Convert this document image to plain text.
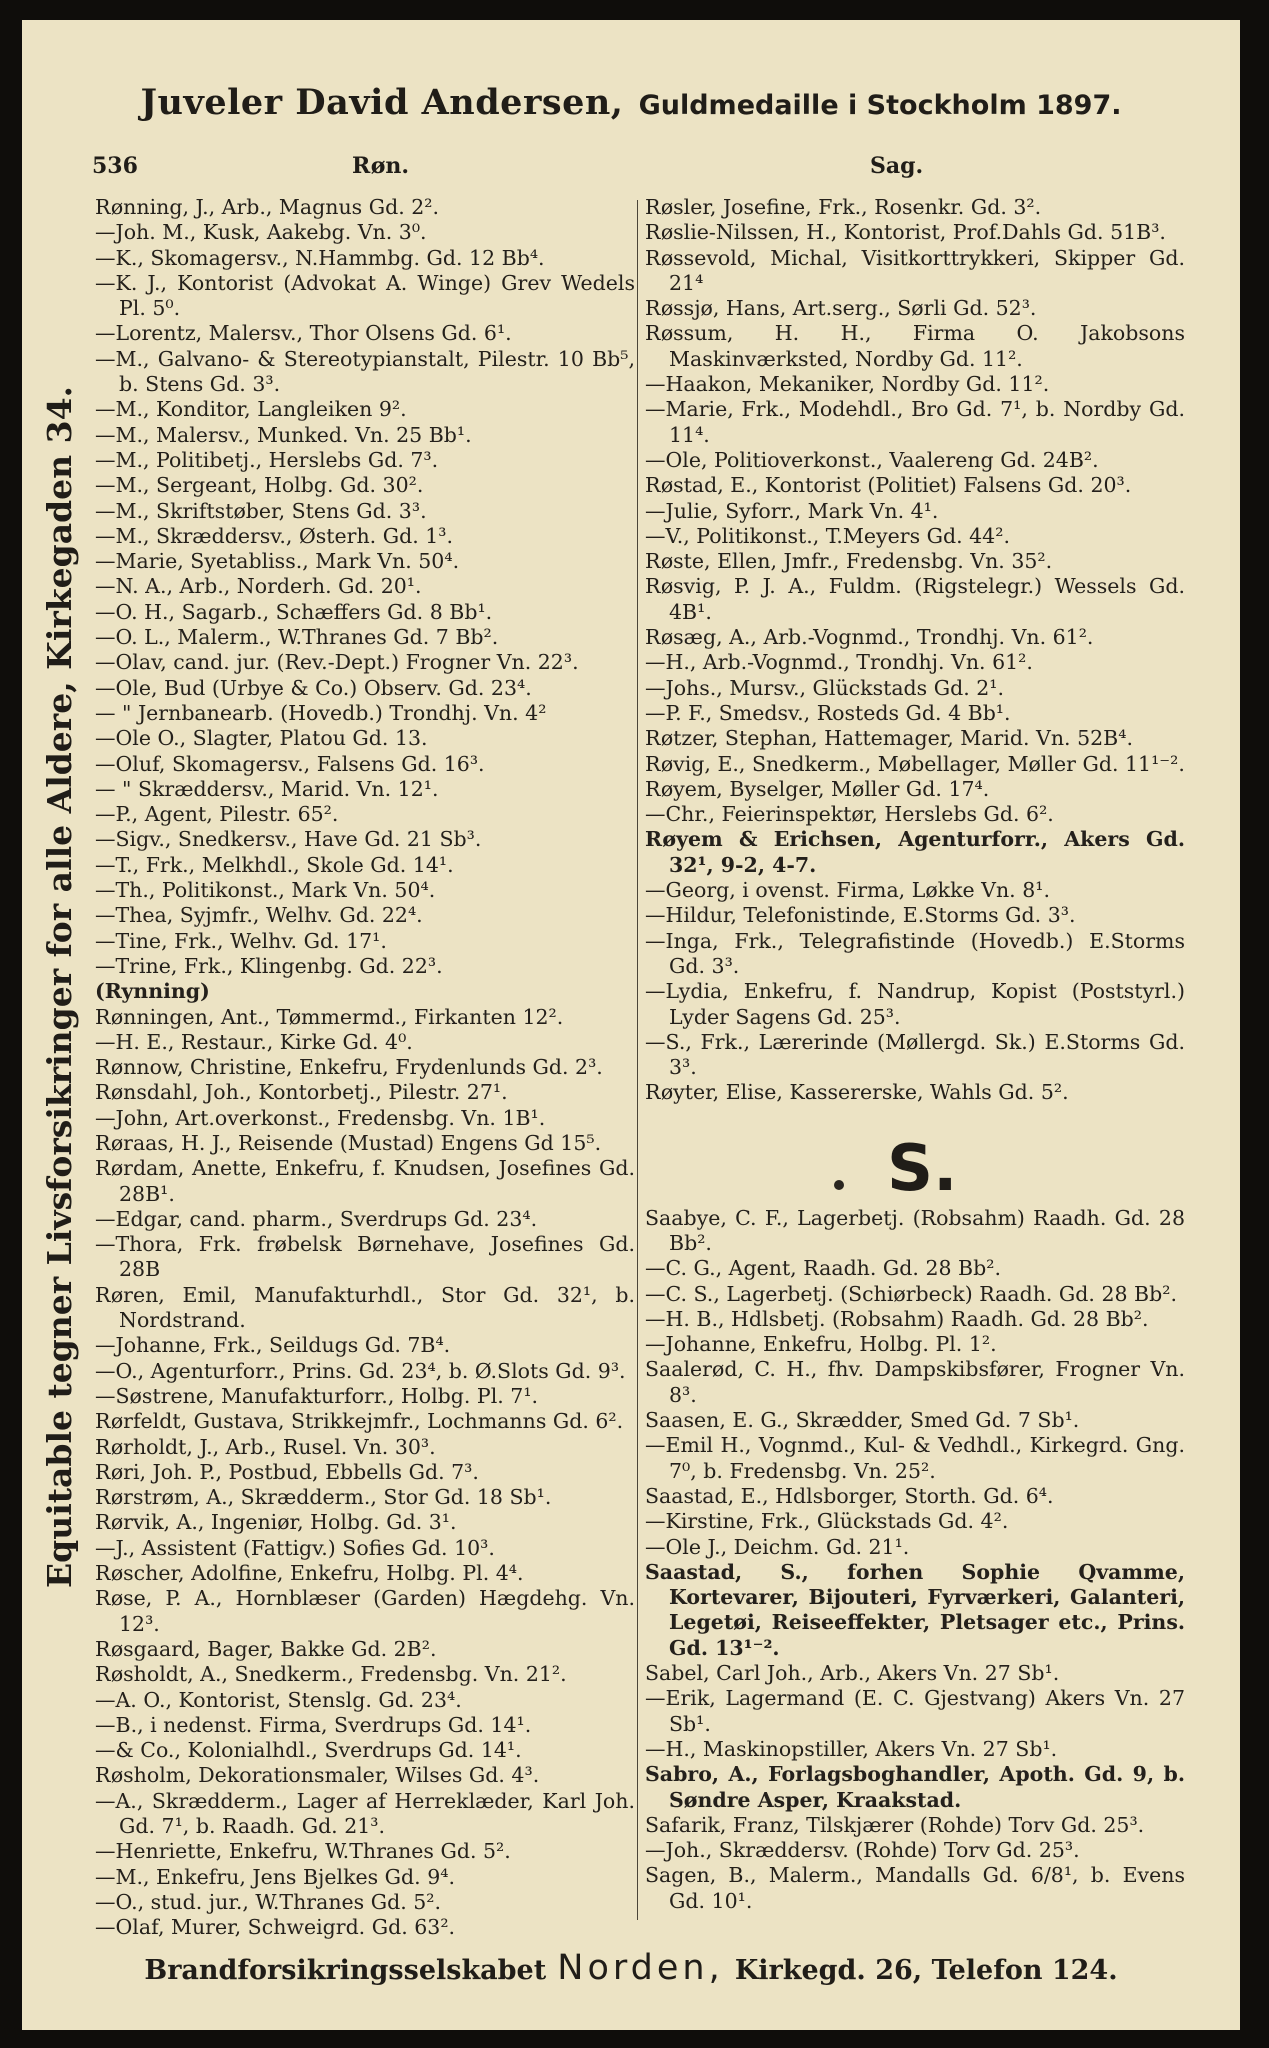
Juveler David Andersen, Guldmedaille i Stockholm 1897.
536	Røn.	Sag.
Equitable tegner Livsforsikringer for alle Aldere, Kirkegaden 34.
Rønning, J., Arb., Magnus Gd. 2².
—Joh. M., Kusk, Aakebg. Vn. 3⁰.
—K., Skomagersv., N.Hammbg. Gd. 12 Bb⁴.
—K. J., Kontorist (Advokat A. Winge) Grev Wedels Pl. 5⁰.
—Lorentz, Malersv., Thor Olsens Gd. 6¹.
—M., Galvano- & Stereotypianstalt, Pilestr. 10 Bb⁵, b. Stens Gd. 3³.
—M., Konditor, Langleiken 9².
—M., Malersv., Munked. Vn. 25 Bb¹.
—M., Politibetj., Herslebs Gd. 7³.
—M., Sergeant, Holbg. Gd. 30².
—M., Skriftstøber, Stens Gd. 3³.
—M., Skræddersv., Østerh. Gd. 1³.
—Marie, Syetabliss., Mark Vn. 50⁴.
—N. A., Arb., Norderh. Gd. 20¹.
—O. H., Sagarb., Schæffers Gd. 8 Bb¹.
—O. L., Malerm., W.Thranes Gd. 7 Bb².
—Olav, cand. jur. (Rev.-Dept.) Frogner Vn. 22³.
—Ole, Bud (Urbye & Co.) Observ. Gd. 23⁴.
— " Jernbanearb. (Hovedb.) Trondhj. Vn. 4²
—Ole O., Slagter, Platou Gd. 13.
—Oluf, Skomagersv., Falsens Gd. 16³.
— " Skræddersv., Marid. Vn. 12¹.
—P., Agent, Pilestr. 65².
—Sigv., Snedkersv., Have Gd. 21 Sb³.
—T., Frk., Melkhdl., Skole Gd. 14¹.
—Th., Politikonst., Mark Vn. 50⁴.
—Thea, Syjmfr., Welhv. Gd. 22⁴.
—Tine, Frk., Welhv. Gd. 17¹.
—Trine, Frk., Klingenbg. Gd. 22³.
(Rynning)
Rønningen, Ant., Tømmermd., Firkanten 12².
—H. E., Restaur., Kirke Gd. 4⁰.
Rønnow, Christine, Enkefru, Frydenlunds Gd. 2³.
Rønsdahl, Joh., Kontorbetj., Pilestr. 27¹.
—John, Art.overkonst., Fredensbg. Vn. 1B¹.
Røraas, H. J., Reisende (Mustad) Engens Gd 15⁵.
Rørdam, Anette, Enkefru, f. Knudsen, Josefines Gd. 28B¹.
—Edgar, cand. pharm., Sverdrups Gd. 23⁴.
—Thora, Frk. frøbelsk Børnehave, Josefines Gd. 28B
Røren, Emil, Manufakturhdl., Stor Gd. 32¹, b. Nordstrand.
—Johanne, Frk., Seildugs Gd. 7B⁴.
—O., Agenturforr., Prins. Gd. 23⁴, b. Ø.Slots Gd. 9³.
—Søstrene, Manufakturforr., Holbg. Pl. 7¹.
Rørfeldt, Gustava, Strikkejmfr., Lochmanns Gd. 6².
Rørholdt, J., Arb., Rusel. Vn. 30³.
Røri, Joh. P., Postbud, Ebbells Gd. 7³.
Rørstrøm, A., Skrædderm., Stor Gd. 18 Sb¹.
Rørvik, A., Ingeniør, Holbg. Gd. 3¹.
—J., Assistent (Fattigv.) Sofies Gd. 10³.
Røscher, Adolfine, Enkefru, Holbg. Pl. 4⁴.
Røse, P. A., Hornblæser (Garden) Hægdehg. Vn. 12³.
Røsgaard, Bager, Bakke Gd. 2B².
Røsholdt, A., Snedkerm., Fredensbg. Vn. 21².
—A. O., Kontorist, Stenslg. Gd. 23⁴.
—B., i nedenst. Firma, Sverdrups Gd. 14¹.
—& Co., Kolonialhdl., Sverdrups Gd. 14¹.
Røsholm, Dekorationsmaler, Wilses Gd. 4³.
—A., Skrædderm., Lager af Herreklæder, Karl Joh. Gd. 7¹, b. Raadh. Gd. 21³.
—Henriette, Enkefru, W.Thranes Gd. 5².
—M., Enkefru, Jens Bjelkes Gd. 9⁴.
—O., stud. jur., W.Thranes Gd. 5².
—Olaf, Murer, Schweigrd. Gd. 63².
Røsler, Josefine, Frk., Rosenkr. Gd. 3².
Røslie-Nilssen, H., Kontorist, Prof.Dahls Gd. 51B³.
Røssevold, Michal, Visitkorttrykkeri, Skipper Gd. 21⁴
Røssjø, Hans, Art.serg., Sørli Gd. 52³.
Røssum, H. H., Firma O. Jakobsons Maskinværksted, Nordby Gd. 11².
—Haakon, Mekaniker, Nordby Gd. 11².
—Marie, Frk., Modehdl., Bro Gd. 7¹, b. Nordby Gd. 11⁴.
—Ole, Politioverkonst., Vaalereng Gd. 24B².
Røstad, E., Kontorist (Politiet) Falsens Gd. 20³.
—Julie, Syforr., Mark Vn. 4¹.
—V., Politikonst., T.Meyers Gd. 44².
Røste, Ellen, Jmfr., Fredensbg. Vn. 35².
Røsvig, P. J. A., Fuldm. (Rigstelegr.) Wessels Gd. 4B¹.
Røsæg, A., Arb.-Vognmd., Trondhj. Vn. 61².
—H., Arb.-Vognmd., Trondhj. Vn. 61².
—Johs., Mursv., Glückstads Gd. 2¹.
—P. F., Smedsv., Rosteds Gd. 4 Bb¹.
Røtzer, Stephan, Hattemager, Marid. Vn. 52B⁴.
Røvig, E., Snedkerm., Møbellager, Møller Gd. 11¹⁻².
Røyem, Byselger, Møller Gd. 17⁴.
—Chr., Feierinspektør, Herslebs Gd. 6².
Røyem & Erichsen, Agenturforr., Akers Gd. 32¹, 9-2, 4-7.
—Georg, i ovenst. Firma, Løkke Vn. 8¹.
—Hildur, Telefonistinde, E.Storms Gd. 3³.
—Inga, Frk., Telegrafistinde (Hovedb.) E.Storms Gd. 3³.
—Lydia, Enkefru, f. Nandrup, Kopist (Poststyrl.) Lyder Sagens Gd. 25³.
—S., Frk., Lærerinde (Møllergd. Sk.) E.Storms Gd. 3³.
Røyter, Elise, Kassererske, Wahls Gd. 5².
Saabye, C. F., Lagerbetj. (Robsahm) Raadh. Gd. 28 Bb².
—C. G., Agent, Raadh. Gd. 28 Bb².
—C. S., Lagerbetj. (Schiørbeck) Raadh. Gd. 28 Bb².
—H. B., Hdlsbetj. (Robsahm) Raadh. Gd. 28 Bb².
—Johanne, Enkefru, Holbg. Pl. 1².
Saalerød, C. H., fhv. Dampskibsfører, Frogner Vn. 8³.
Saasen, E. G., Skrædder, Smed Gd. 7 Sb¹.
—Emil H., Vognmd., Kul- & Vedhdl., Kirkegrd. Gng. 7⁰, b. Fredensbg. Vn. 25².
Saastad, E., Hdlsborger, Storth. Gd. 6⁴.
—Kirstine, Frk., Glückstads Gd. 4².
—Ole J., Deichm. Gd. 21¹.
Saastad, S., forhen Sophie Qvamme, Kortevarer, Bijouteri, Fyrværkeri, Galanteri, Legetøi, Reiseeffekter, Pletsager etc., Prins. Gd. 13¹⁻².
Sabel, Carl Joh., Arb., Akers Vn. 27 Sb¹.
—Erik, Lagermand (E. C. Gjestvang) Akers Vn. 27 Sb¹.
—H., Maskinopstiller, Akers Vn. 27 Sb¹.
Sabro, A., Forlagsboghandler, Apoth. Gd. 9, b. Søndre Asper, Kraakstad.
Safarik, Franz, Tilskjærer (Rohde) Torv Gd. 25³.
—Joh., Skræddersv. (Rohde) Torv Gd. 25³.
Sagen, B., Malerm., Mandalls Gd. 6/8¹, b. Evens Gd. 10¹.
S.
Brandforsikringsselskabet Norden, Kirkegd. 26, Telefon 124.
